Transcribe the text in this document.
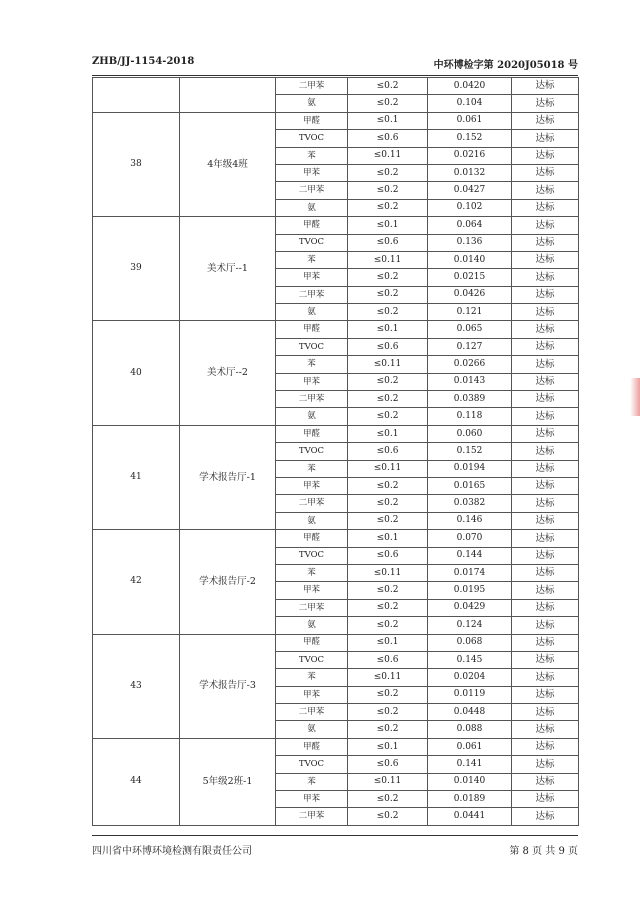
ZHB/JJ-1154-2018	中环博检字第 2020J05018 号
		二甲苯	≤0.2	0.0420	达标
		氨	≤0.2	0.104	达标
38	4年级4班	甲醛	≤0.1	0.061	达标
		TVOC	≤0.6	0.152	达标
		苯	≤0.11	0.0216	达标
		甲苯	≤0.2	0.0132	达标
		二甲苯	≤0.2	0.0427	达标
		氨	≤0.2	0.102	达标
39	美术厅--1	甲醛	≤0.1	0.064	达标
		TVOC	≤0.6	0.136	达标
		苯	≤0.11	0.0140	达标
		甲苯	≤0.2	0.0215	达标
		二甲苯	≤0.2	0.0426	达标
		氨	≤0.2	0.121	达标
40	美术厅--2	甲醛	≤0.1	0.065	达标
		TVOC	≤0.6	0.127	达标
		苯	≤0.11	0.0266	达标
		甲苯	≤0.2	0.0143	达标
		二甲苯	≤0.2	0.0389	达标
		氨	≤0.2	0.118	达标
41	学术报告厅-1	甲醛	≤0.1	0.060	达标
		TVOC	≤0.6	0.152	达标
		苯	≤0.11	0.0194	达标
		甲苯	≤0.2	0.0165	达标
		二甲苯	≤0.2	0.0382	达标
		氨	≤0.2	0.146	达标
42	学术报告厅-2	甲醛	≤0.1	0.070	达标
		TVOC	≤0.6	0.144	达标
		苯	≤0.11	0.0174	达标
		甲苯	≤0.2	0.0195	达标
		二甲苯	≤0.2	0.0429	达标
		氨	≤0.2	0.124	达标
43	学术报告厅-3	甲醛	≤0.1	0.068	达标
		TVOC	≤0.6	0.145	达标
		苯	≤0.11	0.0204	达标
		甲苯	≤0.2	0.0119	达标
		二甲苯	≤0.2	0.0448	达标
		氨	≤0.2	0.088	达标
44	5年级2班-1	甲醛	≤0.1	0.061	达标
		TVOC	≤0.6	0.141	达标
		苯	≤0.11	0.0140	达标
		甲苯	≤0.2	0.0189	达标
		二甲苯	≤0.2	0.0441	达标
四川省中环博环境检测有限责任公司	第 8 页 共 9 页
